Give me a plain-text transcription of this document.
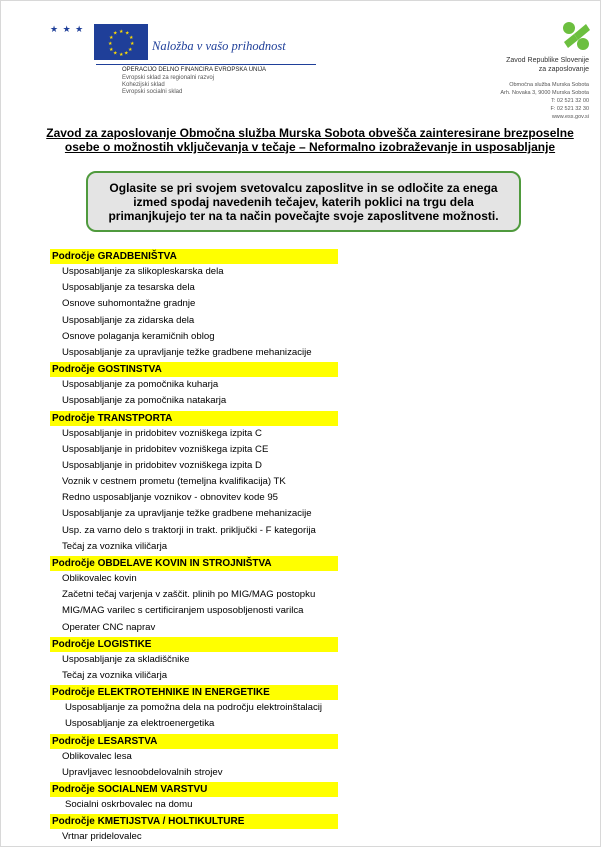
★ ★ ★	★ ★
★
★
★
★
★
★
★
★
★
★
Naložba v vašo prihodnost
OPERACIJO DELNO FINANCIRA EVROPSKA UNIJA
Evropski sklad za regionalni razvoj
Kohezijski sklad
Evropski socialni sklad
Zavod Republike Slovenije
za zaposlovanje
Območna služba Murska Sobota
Arh. Novaka 3, 9000 Murska Sobota
T: 02 521 32 00
F: 02 521 32 30
www.ess.gov.si
Zavod za zaposlovanje Območna služba Murska Sobota obvešča zainteresirane brezposelne
osebe o možnostih vključevanja v tečaje – Neformalno izobraževanje in usposabljanje
Oglasite se pri svojem svetovalcu zaposlitve in se odločite za enega izmed spodaj navedenih tečajev, katerih poklici na trgu dela primanjkujejo ter na ta način povečajte svoje zaposlitvene možnosti.
Področje GRADBENIŠTVA
Usposabljanje za slikopleskarska dela
Usposabljanje za tesarska dela
Osnove suhomontažne gradnje
Usposabljanje za zidarska dela
Osnove polaganja keramičnih oblog
Usposabljanje za upravljanje težke gradbene mehanizacije
Področje GOSTINSTVA
Usposabljanje za pomočnika kuharja
Usposabljanje za pomočnika natakarja
Področje TRANSTPORTA
Usposabljanje in pridobitev vozniškega izpita C
Usposabljanje in pridobitev vozniškega izpita CE
Usposabljanje in pridobitev vozniškega izpita D
Voznik v cestnem prometu (temeljna kvalifikacija) TK
Redno usposabljanje voznikov - obnovitev kode 95
Usposabljanje za upravljanje težke gradbene mehanizacije
Usp. za varno delo s traktorji in trakt. priključki - F kategorija
Tečaj za voznika viličarja
Področje OBDELAVE KOVIN IN STROJNIŠTVA
Oblikovalec kovin
Začetni tečaj varjenja v zaščit. plinih po MIG/MAG postopku
MIG/MAG varilec s certificiranjem usposobljenosti varilca
Operater CNC naprav
Področje LOGISTIKE
Usposabljanje za skladiščnike
Tečaj za voznika viličarja
Področje ELEKTROTEHNIKE IN ENERGETIKE
Usposabljanje za pomožna dela na področju elektroinštalacij
Usposabljanje za elektroenergetika
Področje LESARSTVA
Oblikovalec lesa
Upravljavec lesnoobdelovalnih strojev
Področje SOCIALNEM VARSTVU
Socialni oskrbovalec na domu
Področje KMETIJSTVA / HOLTIKULTURE
Vrtnar pridelovalec
